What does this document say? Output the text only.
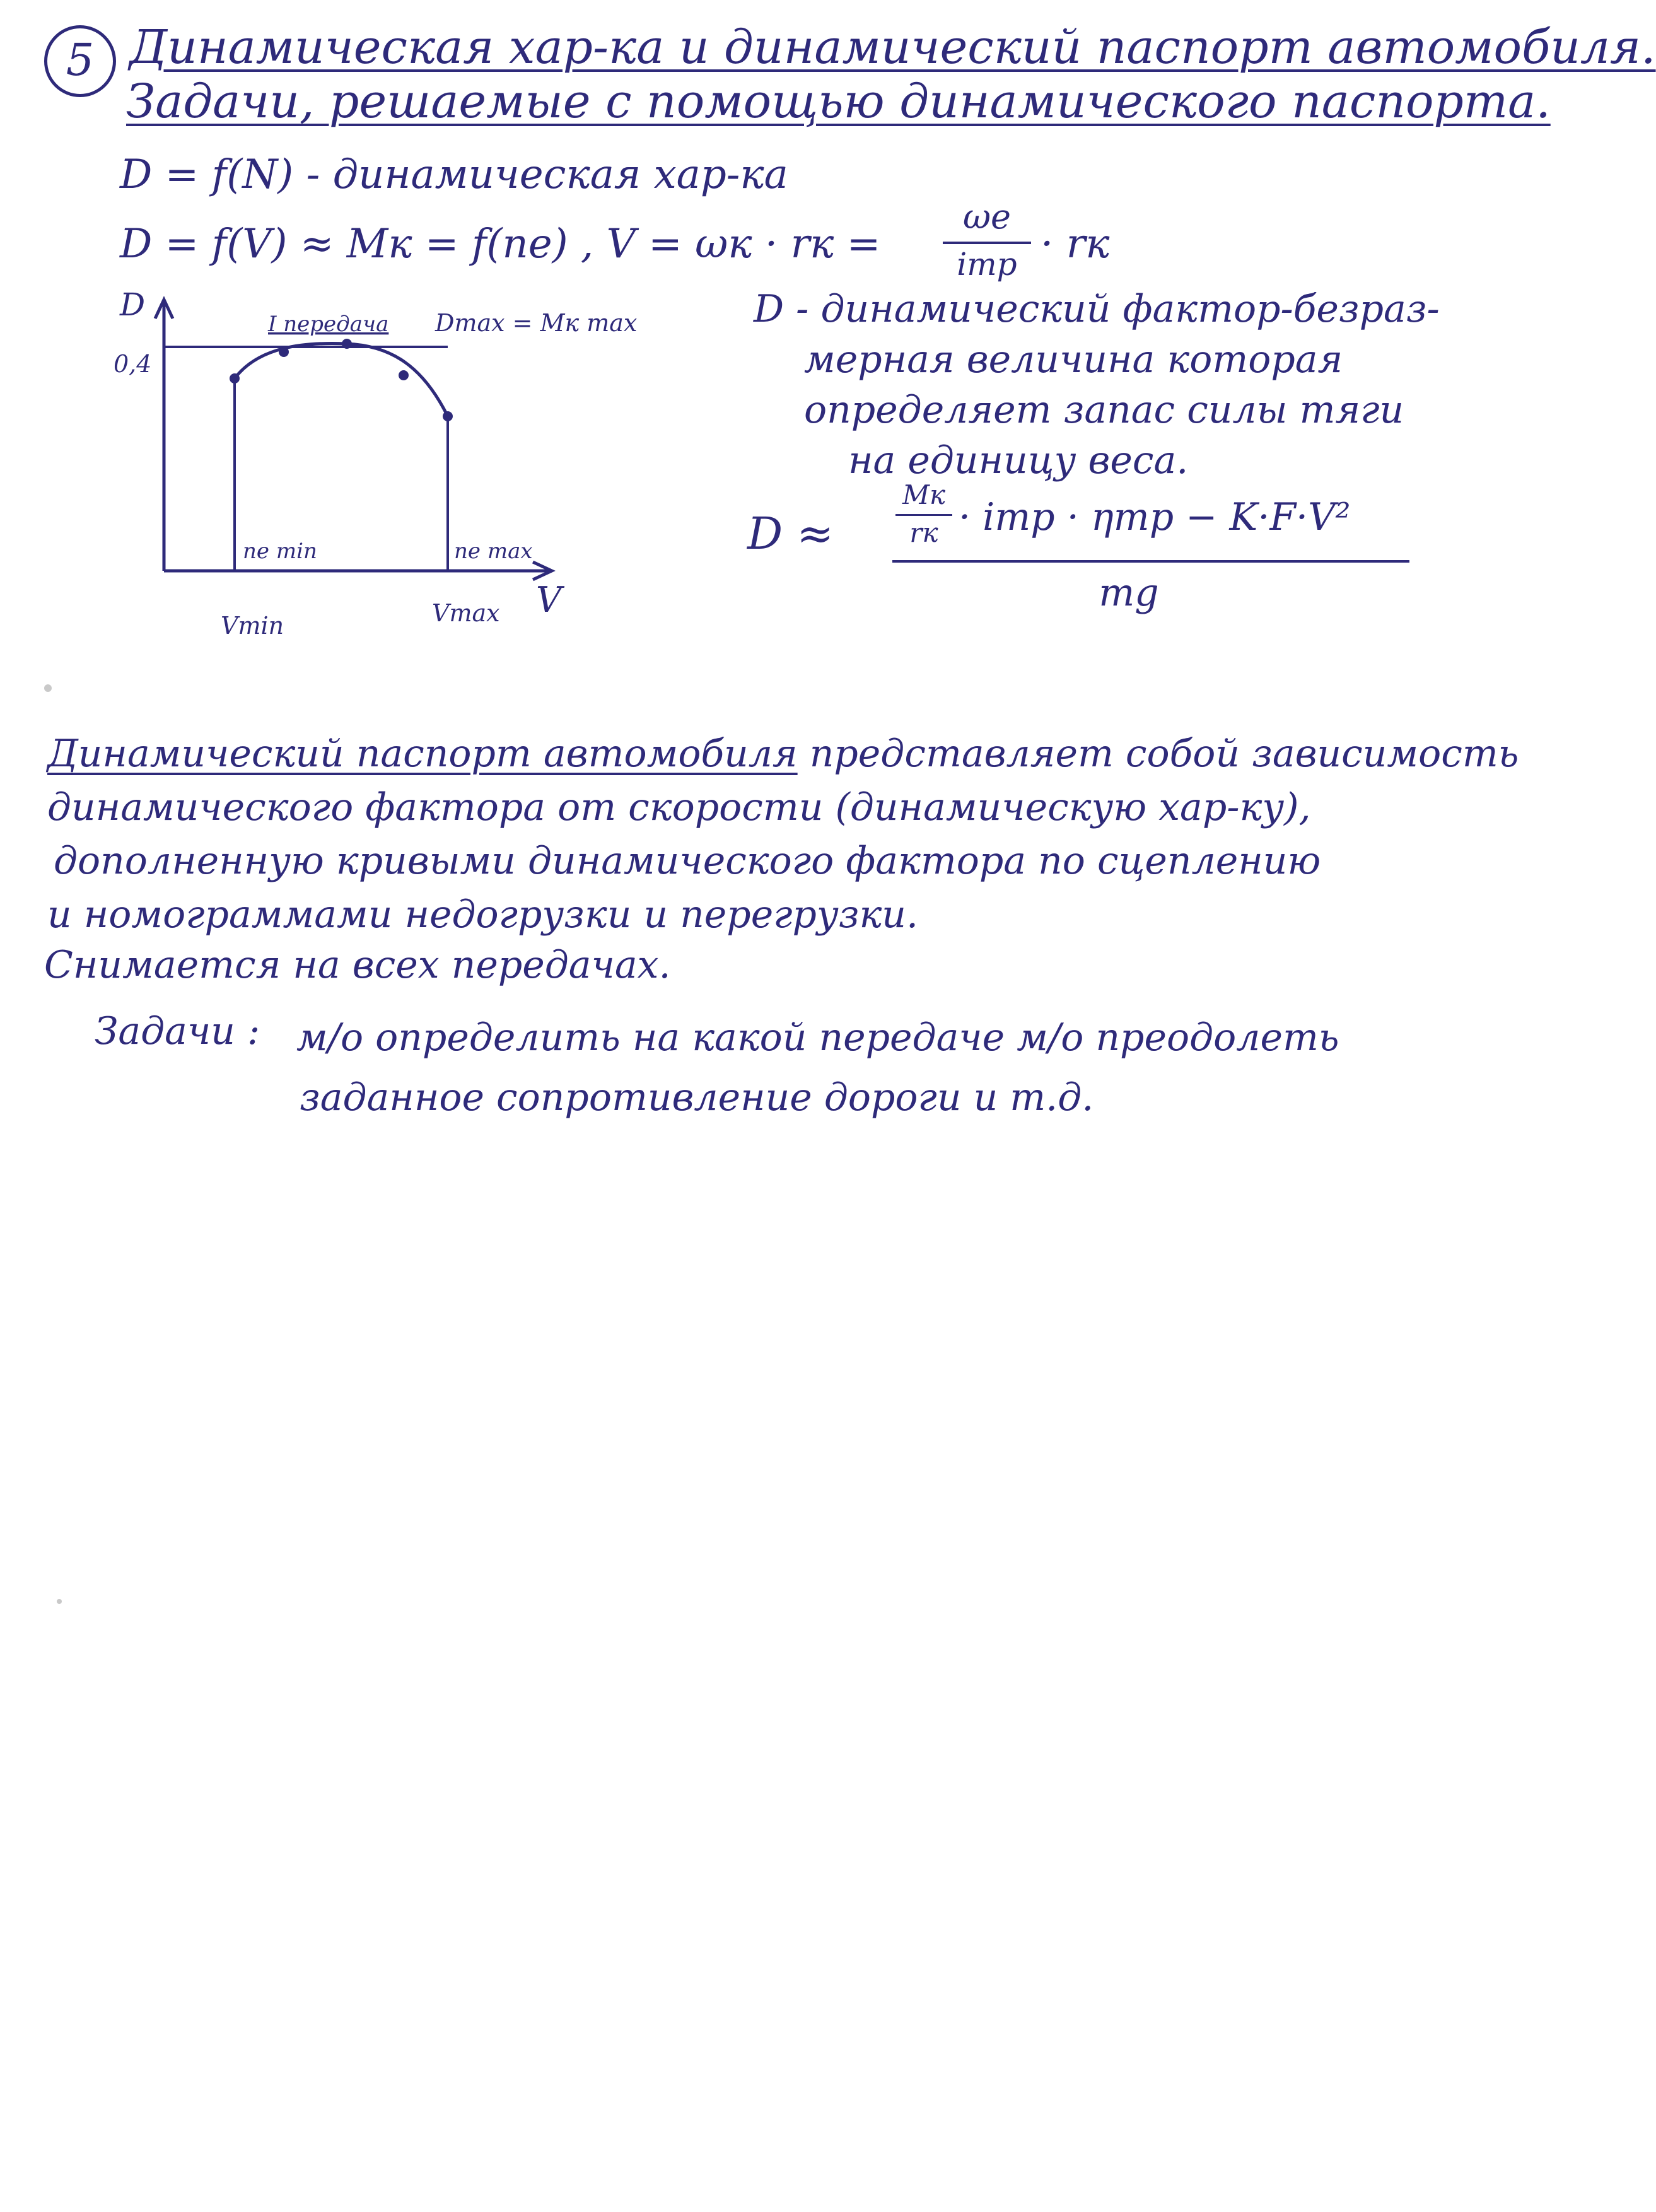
5 Динамическая хар-ка и динамический паспорт автомобиля.
Задачи, решаемые с помощью динамического паспорта.
D = f(N) - динамическая хар-ка
D = f(V) ≈ Mк = f(ne) , V = ωк · rк =
ωe
iтр · rк
D
0,4
V
I передача Dmax = Mк max
ne min	ne max
Vmin	Vmax
D - динамический фактор-безраз-
мерная величина которая
определяет запас силы тяги
на единицу веса.
D ≈
Mк
rк · iтр · ηтр − K·F·V²
mg
Динамический паспорт автомобиля представляет собой зависимость
динамического фактора от скорости (динамическую хар-ку),
дополненную кривыми динамического фактора по сцеплению
и номограммами недогрузки и перегрузки.
Снимается на всех передачах.
Задачи : м/о определить на какой передаче м/о преодолеть
заданное сопротивление дороги и т.д.
